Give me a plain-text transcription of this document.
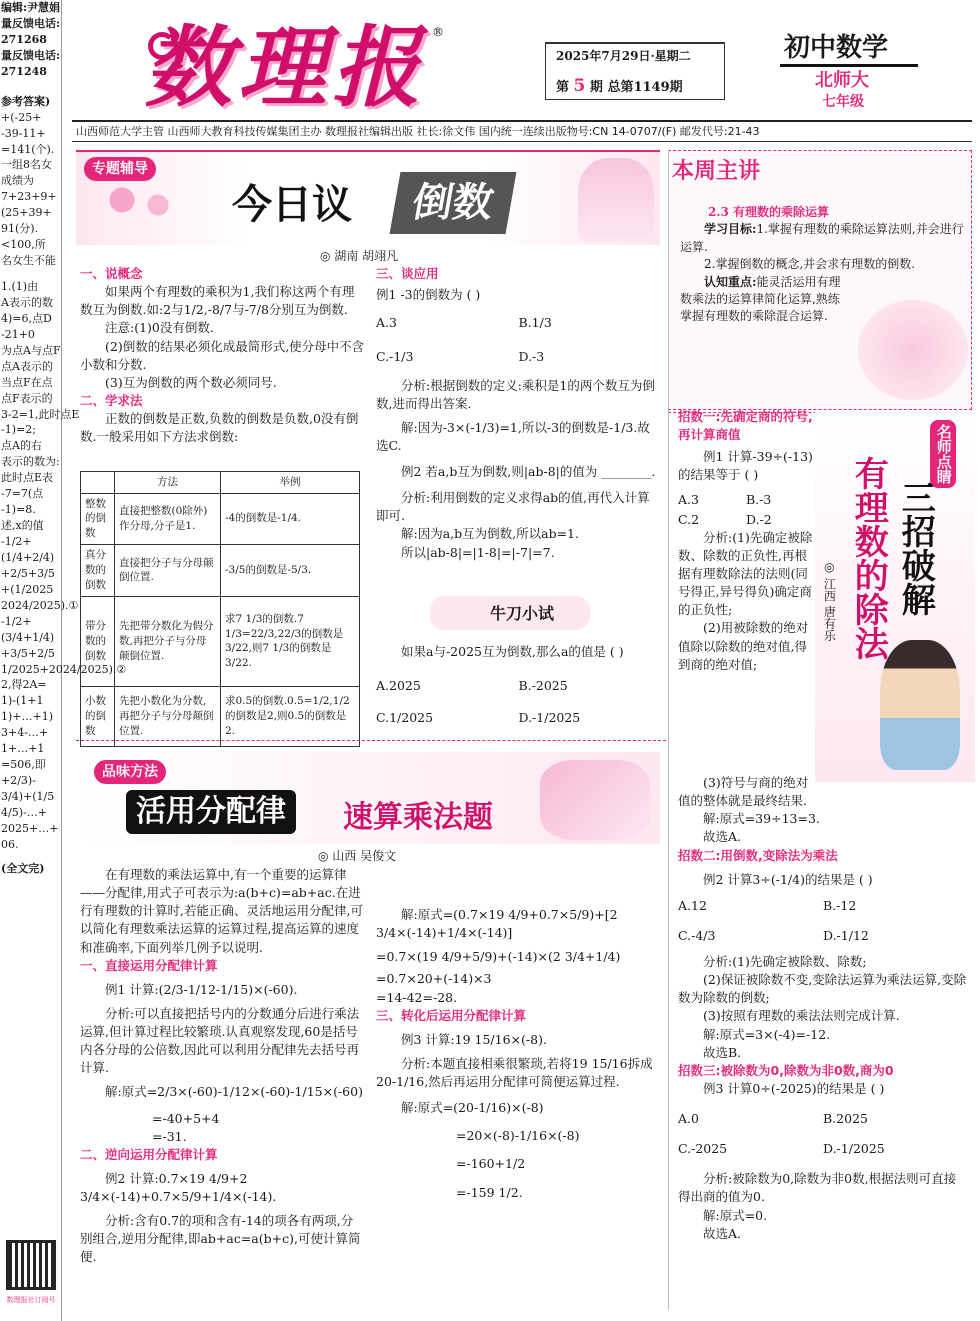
编辑:尹慧娟
量反馈电话:
271268
量反馈电话:
271248
参考答案)
+(-25+
-39-11+
=141(个).
一组8名女
成绩为
7+23+9+
(25+39+
91(分).
<100,所
名女生不能
1.(1)由
A表示的数
4)=6,点D
-21+0
为点A与点F
点A表示的
当点F在点
点F表示的
3-2=1,此时点E
-1)=2;
点A的右
表示的数为:
此时点E表
-7=7(点
-1)=8.
述,x的值
-1/2+
(1/4+2/4)
+2/5+3/5
+(1/2025
2024/2025).①
-1/2+
(3/4+1/4)
+3/5+2/5
1/2025+2024/2025).②
2,得2A=
1)-(1+1
1)+…+1)
3+4-…+
1+…+1
=506,即
+2/3)-
3/4)+(1/5
4/5)-…+
2025+…+
06.
(全文完)
数理报社订阅号
数理报 ®
2025年7月29日·星期二
第 5 期 总第1149期
初中数学
北师大
七年级
山西师范大学主管 山西师大教育科技传媒集团主办 数理报社编辑出版 社长:徐文伟 国内统一连续出版物号:CN 14-0707/(F) 邮发代号:21-43
专题辅导
今日议	倒数
◎ 湖南 胡翊凡

一、说概念

如果两个有理数的乘积为1,我们称这两个有理数互为倒数.如:2与1/2,-8/7与-7/8分别互为倒数.

注意:(1)0没有倒数.

(2)倒数的结果必须化成最简形式,使分母中不含小数和分数.

(3)互为倒数的两个数必须同号.

二、学求法

正数的倒数是正数,负数的倒数是负数,0没有倒数.一般采用如下方法求倒数:

	方法	举例
整数的倒数	直接把整数(0除外)作分母,分子是1.	-4的倒数是-1/4.
真分数的倒数	直接把分子与分母颠倒位置.	-3/5的倒数是-5/3.
带分数的倒数	先把带分数化为假分数,再把分子与分母颠倒位置.	求7 1/3的倒数.7 1/3=22/3,22/3的倒数是3/22,则7 1/3的倒数是3/22.
小数的倒数	先把小数化为分数,再把分子与分母颠倒位置.	求0.5的倒数.0.5=1/2,1/2的倒数是2,则0.5的倒数是2.

三、谈应用

例1 -3的倒数为 ( )

A.3	B.1/3
C.-1/3	D.-3

分析:根据倒数的定义:乘积是1的两个数互为倒数,进而得出答案.

解:因为-3×(-1/3)=1,所以-3的倒数是-1/3.故选C.

例2 若a,b互为倒数,则|ab-8|的值为 ________.

分析:利用倒数的定义求得ab的值,再代入计算即可.

解:因为a,b互为倒数,所以ab=1.

所以|ab-8|=|1-8|=|-7|=7.

牛刀小试

如果a与-2025互为倒数,那么a的值是 ( )

A.2025	B.-2025
C.1/2025	D.-1/2025
本周主讲

2.3 有理数的乘除运算

学习目标:1.掌握有理数的乘除运算法则,并会进行运算.

2.掌握倒数的概念,并会求有理数的倒数.

认知重点:能灵活运用有理数乘法的运算律简化运算,熟练掌握有理数的乘除混合运算.

名师点睛
三招破解
有理数的除法
◎ 江西 唐有乐

招数一:先确定商的符号,再计算商值

例1 计算-39÷(-13)的结果等于 ( )

A.3	B.-3
C.2	D.-2

分析:(1)先确定被除数、除数的正负性,再根据有理数除法的法则(同号得正,异号得负)确定商的正负性;

(2)用被除数的绝对值除以除数的绝对值,得到商的绝对值;

(3)符号与商的绝对值的整体就是最终结果.

解:原式=39÷13=3.

故选A.

招数二:用倒数,变除法为乘法

例2 计算3÷(-1/4)的结果是 ( )

A.12	B.-12
C.-4/3	D.-1/12

分析:(1)先确定被除数、除数;

(2)保证被除数不变,变除法运算为乘法运算,变除数为除数的倒数;

(3)按照有理数的乘法法则完成计算.

解:原式=3×(-4)=-12.

故选B.

招数三:被除数为0,除数为非0数,商为0

例3 计算0÷(-2025)的结果是 ( )

A.0	B.2025
C.-2025	D.-1/2025

分析:被除数为0,除数为非0数,根据法则可直接得出商的值为0.

解:原式=0.

故选A.

品味方法
活用分配律	速算乘法题
◎ 山西 吴俊文

在有理数的乘法运算中,有一个重要的运算律——分配律,用式子可表示为:a(b+c)=ab+ac.在进行有理数的计算时,若能正确、灵活地运用分配律,可以简化有理数乘法运算的运算过程,提高运算的速度和准确率,下面列举几例予以说明.

一、直接运用分配律计算

例1 计算:(2/3-1/12-1/15)×(-60).

分析:可以直接把括号内的分数通分后进行乘法运算,但计算过程比较繁琐.认真观察发现,60是括号内各分母的公倍数,因此可以利用分配律先去括号再计算.

解:原式=2/3×(-60)-1/12×(-60)-1/15×(-60)

=-40+5+4

=-31.

二、逆向运用分配律计算

例2 计算:0.7×19 4/9+2 3/4×(-14)+0.7×5/9+1/4×(-14).

分析:含有0.7的项和含有-14的项各有两项,分别组合,逆用分配律,即ab+ac=a(b+c),可使计算简便.

解:原式=(0.7×19 4/9+0.7×5/9)+[2 3/4×(-14)+1/4×(-14)]

=0.7×(19 4/9+5/9)+(-14)×(2 3/4+1/4)

=0.7×20+(-14)×3

=14-42=-28.

三、转化后运用分配律计算

例3 计算:19 15/16×(-8).

分析:本题直接相乘很繁琐,若将19 15/16拆成20-1/16,然后再运用分配律可简便运算过程.

解:原式=(20-1/16)×(-8)

=20×(-8)-1/16×(-8)

=-160+1/2

=-159 1/2.
